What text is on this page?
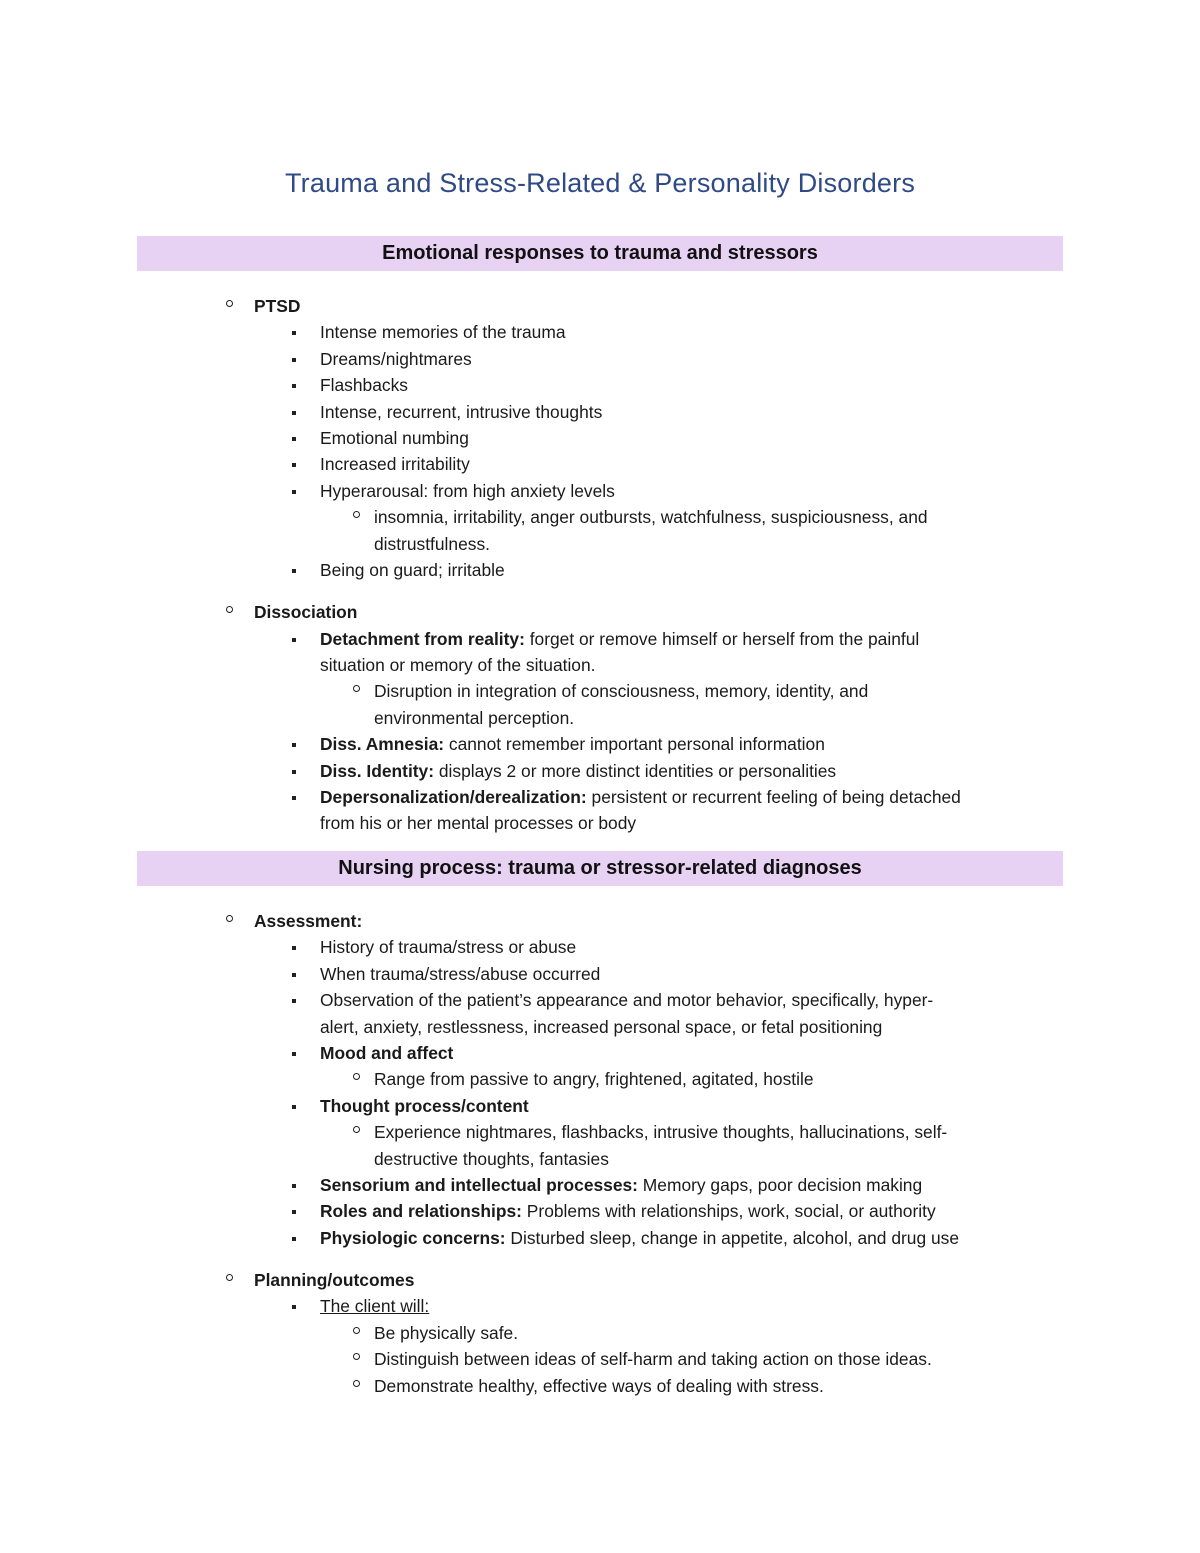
Trauma and Stress-Related & Personality Disorders
Emotional responses to trauma and stressors
PTSD
Intense memories of the trauma
Dreams/nightmares
Flashbacks
Intense, recurrent, intrusive thoughts
Emotional numbing
Increased irritability
Hyperarousal: from high anxiety levels
insomnia, irritability, anger outbursts, watchfulness, suspiciousness, and
distrustfulness.
Being on guard; irritable
Dissociation
Detachment from reality: forget or remove himself or herself from the painful
situation or memory of the situation.
Disruption in integration of consciousness, memory, identity, and
environmental perception.
Diss. Amnesia: cannot remember important personal information
Diss. Identity: displays 2 or more distinct identities or personalities
Depersonalization/derealization: persistent or recurrent feeling of being detached
from his or her mental processes or body
Nursing process: trauma or stressor-related diagnoses
Assessment:
History of trauma/stress or abuse
When trauma/stress/abuse occurred
Observation of the patient’s appearance and motor behavior, specifically, hyper-
alert, anxiety, restlessness, increased personal space, or fetal positioning
Mood and affect
Range from passive to angry, frightened, agitated, hostile
Thought process/content
Experience nightmares, flashbacks, intrusive thoughts, hallucinations, self-
destructive thoughts, fantasies
Sensorium and intellectual processes: Memory gaps, poor decision making
Roles and relationships: Problems with relationships, work, social, or authority
Physiologic concerns: Disturbed sleep, change in appetite, alcohol, and drug use
Planning/outcomes
The client will:
Be physically safe.
Distinguish between ideas of self-harm and taking action on those ideas.
Demonstrate healthy, effective ways of dealing with stress.
